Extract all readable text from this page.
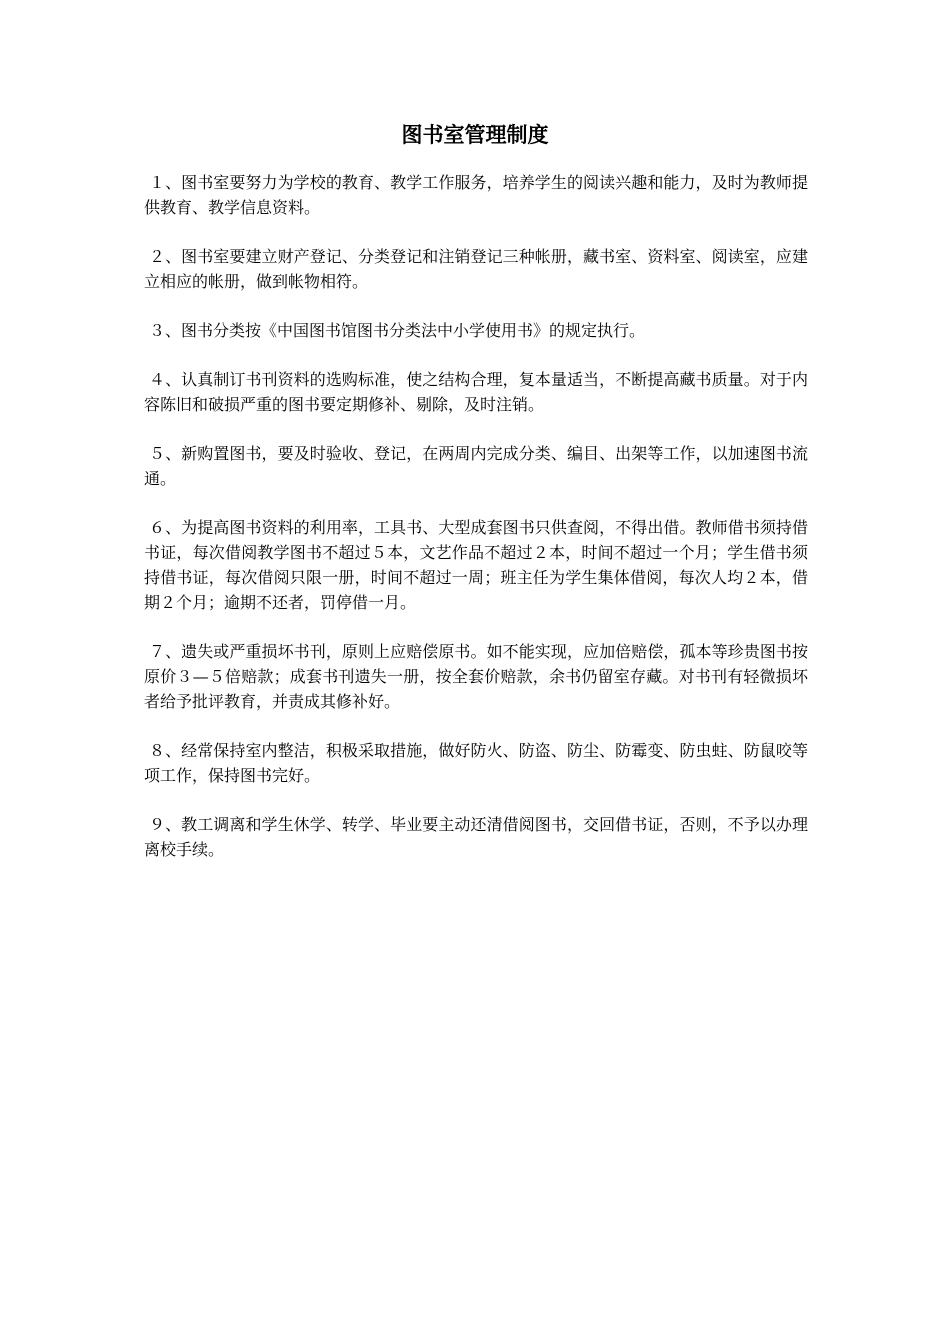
图书室管理制度

１、图书室要努力为学校的教育、教学工作服务，培养学生的阅读兴趣和能力，及时为教师提供教育、教学信息资料。

２、图书室要建立财产登记、分类登记和注销登记三种帐册，藏书室、资料室、阅读室，应建立相应的帐册，做到帐物相符。

３、图书分类按《中国图书馆图书分类法中小学使用书》的规定执行。

４、认真制订书刊资料的选购标准，使之结构合理，复本量适当，不断提高藏书质量。对于内容陈旧和破损严重的图书要定期修补、剔除，及时注销。

５、新购置图书，要及时验收、登记，在两周内完成分类、编目、出架等工作，以加速图书流通。

６、为提高图书资料的利用率，工具书、大型成套图书只供查阅，不得出借。教师借书须持借书证，每次借阅教学图书不超过５本，文艺作品不超过２本，时间不超过一个月；学生借书须持借书证，每次借阅只限一册，时间不超过一周；班主任为学生集体借阅，每次人均２本，借期２个月；逾期不还者，罚停借一月。

７、遗失或严重损坏书刊，原则上应赔偿原书。如不能实现，应加倍赔偿，孤本等珍贵图书按原价３—５倍赔款；成套书刊遗失一册，按全套价赔款，余书仍留室存藏。对书刊有轻微损坏者给予批评教育，并责成其修补好。

８、经常保持室内整洁，积极采取措施，做好防火、防盗、防尘、防霉变、防虫蛀、防鼠咬等项工作，保持图书完好。

９、教工调离和学生休学、转学、毕业要主动还清借阅图书，交回借书证，否则，不予以办理离校手续。
